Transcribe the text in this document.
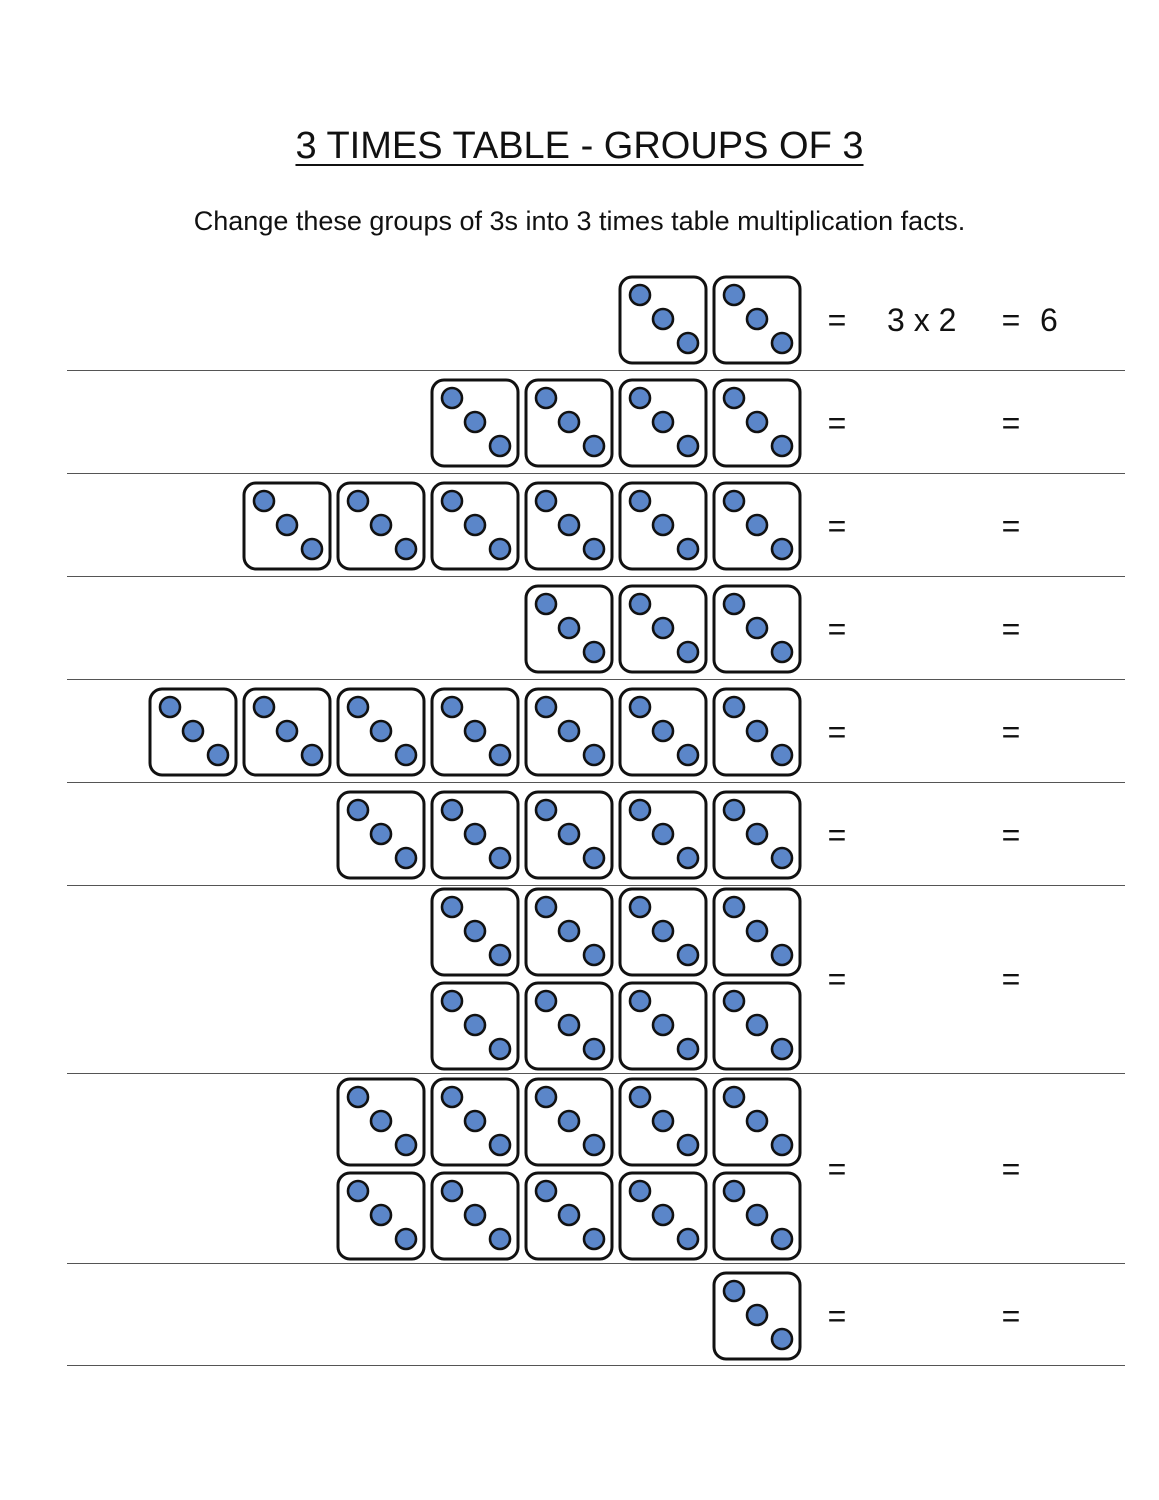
3 TIMES TABLE - GROUPS OF 3
Change these groups of 3s into 3 times table multiplication facts.
= 3 x 2 = 6
=	=
=	=
=	=
=	=
=	=
=	=
=	=
=	=
